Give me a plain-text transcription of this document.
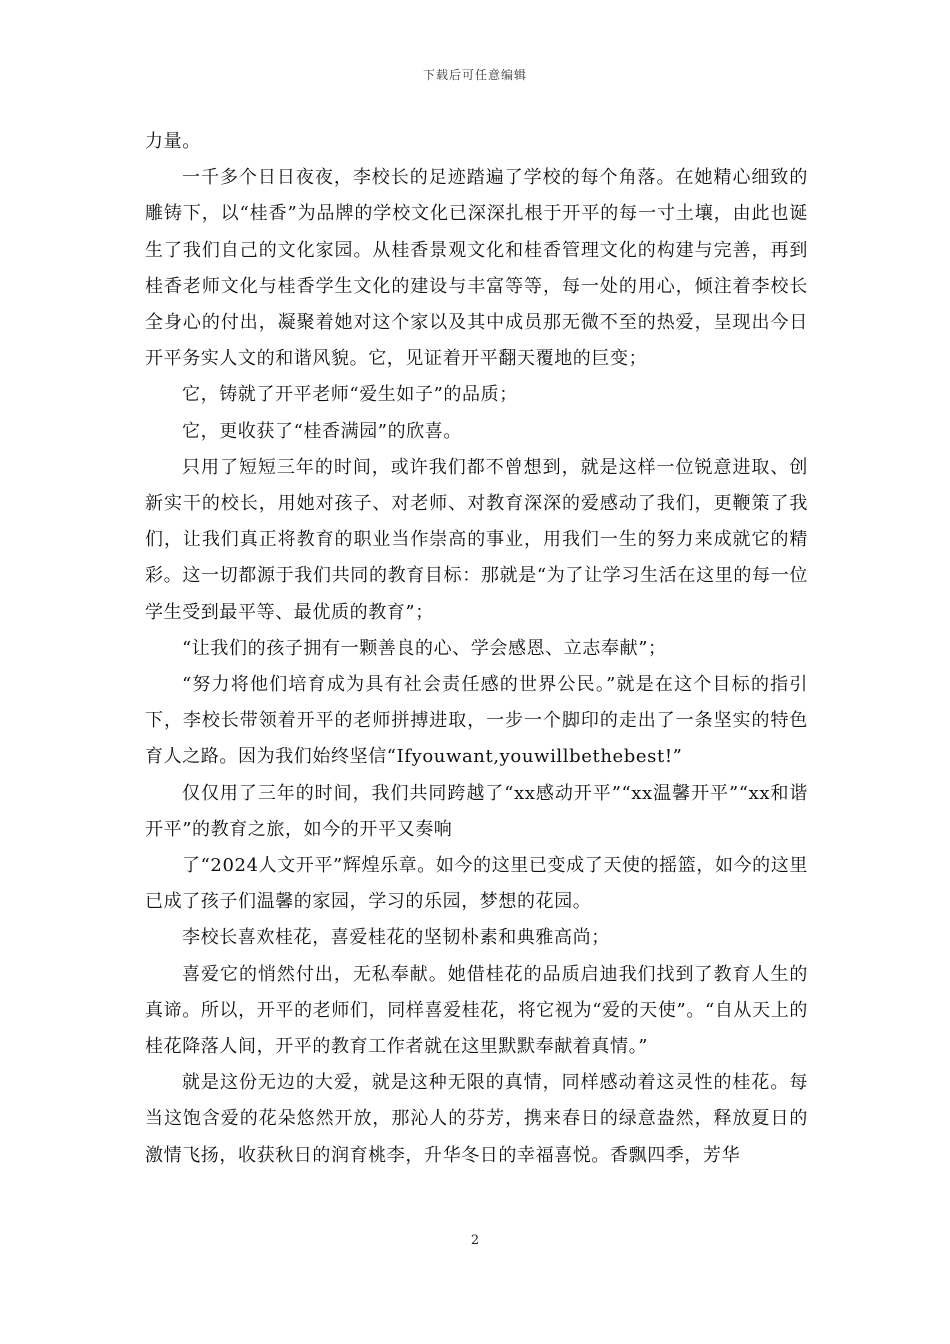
下载后可任意编辑

力量。

一千多个日日夜夜，李校长的足迹踏遍了学校的每个角落。在她精心细致的雕铸下，以“桂香”为品牌的学校文化已深深扎根于开平的每一寸土壤，由此也诞生了我们自己的文化家园。从桂香景观文化和桂香管理文化的构建与完善，再到桂香老师文化与桂香学生文化的建设与丰富等等，每一处的用心，倾注着李校长全身心的付出，凝聚着她对这个家以及其中成员那无微不至的热爱，呈现出今日开平务实人文的和谐风貌。它，见证着开平翻天覆地的巨变；

它，铸就了开平老师“爱生如子”的品质；

它，更收获了“桂香满园”的欣喜。

只用了短短三年的时间，或许我们都不曾想到，就是这样一位锐意进取、创新实干的校长，用她对孩子、对老师、对教育深深的爱感动了我们，更鞭策了我们，让我们真正将教育的职业当作崇高的事业，用我们一生的努力来成就它的精彩。这一切都源于我们共同的教育目标：那就是“为了让学习生活在这里的每一位学生受到最平等、最优质的教育”；

“让我们的孩子拥有一颗善良的心、学会感恩、立志奉献”；

“努力将他们培育成为具有社会责任感的世界公民。”就是在这个目标的指引下，李校长带领着开平的老师拼搏进取，一步一个脚印的走出了一条坚实的特色育人之路。因为我们始终坚信“Ifyouwant,youwillbethebest!”

仅仅用了三年的时间，我们共同跨越了“xx感动开平”“xx温馨开平”“xx和谐开平”的教育之旅，如今的开平又奏响

了“2024人文开平”辉煌乐章。如今的这里已变成了天使的摇篮，如今的这里已成了孩子们温馨的家园，学习的乐园，梦想的花园。

李校长喜欢桂花，喜爱桂花的坚韧朴素和典雅高尚；

喜爱它的悄然付出，无私奉献。她借桂花的品质启迪我们找到了教育人生的真谛。所以，开平的老师们，同样喜爱桂花，将它视为“爱的天使”。“自从天上的桂花降落人间，开平的教育工作者就在这里默默奉献着真情。”

就是这份无边的大爱，就是这种无限的真情，同样感动着这灵性的桂花。每当这饱含爱的花朵悠然开放，那沁人的芬芳，携来春日的绿意盎然，释放夏日的激情飞扬，收获秋日的润育桃李，升华冬日的幸福喜悦。香飘四季，芳华

2
